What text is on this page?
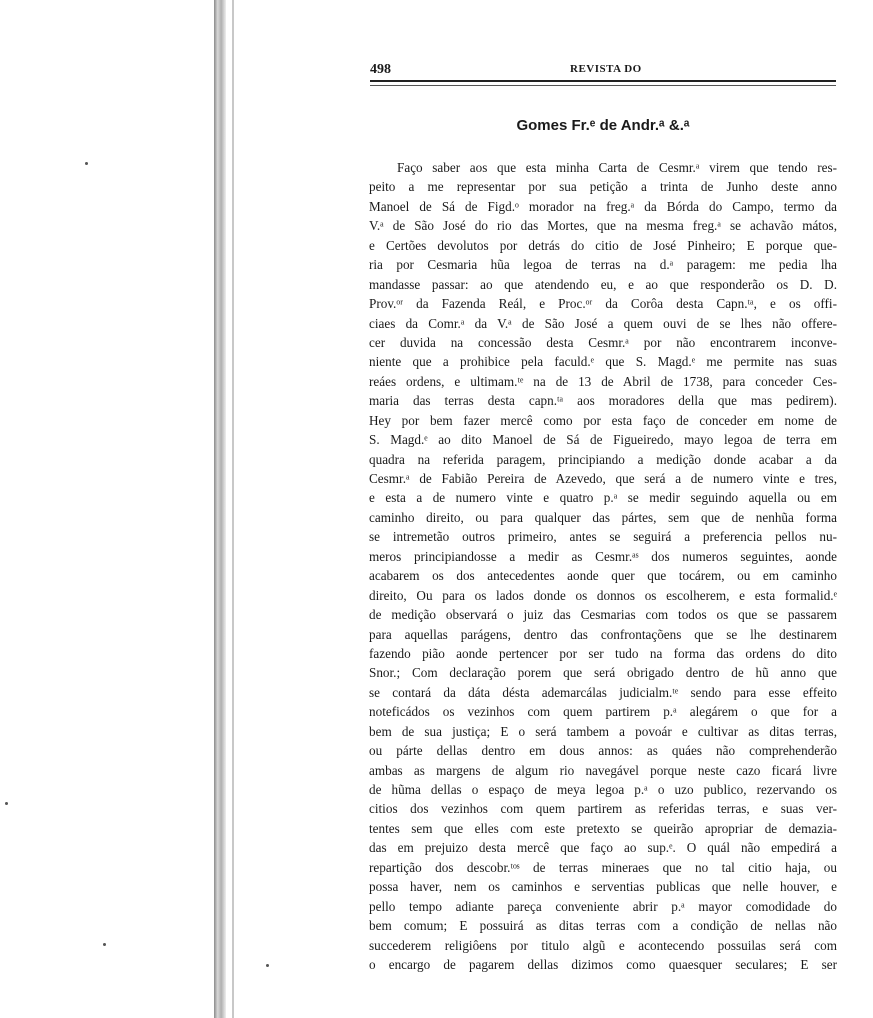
498	REVISTA DO
Gomes Fr.ᵉ de Andr.ᵃ &.ᵃ
Faço saber aos que esta minha Carta de Cesmr.ᵃ virem que tendo res-
peito a me representar por sua petição a trinta de Junho deste anno
Manoel de Sá de Figd.ᵒ morador na freg.ᵃ da Bórda do Campo, termo da
V.ᵃ de São José do rio das Mortes, que na mesma freg.ᵃ se achavão mátos,
e Certões devolutos por detrás do citio de José Pinheiro; E porque que-
ria por Cesmaria hũa legoa de terras na d.ᵃ paragem: me pedia lha
mandasse passar: ao que atendendo eu, e ao que responderão os D. D.
Prov.ᵒʳ da Fazenda Reál, e Proc.ᵒʳ da Corôa desta Capn.ᵗᵃ, e os offi-
ciaes da Comr.ᵃ da V.ᵃ de São José a quem ouvi de se lhes não offere-
cer duvida na concessão desta Cesmr.ᵃ por não encontrarem inconve-
niente que a prohibice pela faculd.ᵉ que S. Magd.ᵉ me permite nas suas
reáes ordens, e ultimam.ᵗᵉ na de 13 de Abril de 1738, para conceder Ces-
maria das terras desta capn.ᵗᵃ aos moradores della que mas pedirem).
Hey por bem fazer mercê como por esta faço de conceder em nome de
S. Magd.ᵉ ao dito Manoel de Sá de Figueiredo, mayo legoa de terra em
quadra na referida paragem, principiando a medição donde acabar a da
Cesmr.ᵃ de Fabião Pereira de Azevedo, que será a de numero vinte e tres,
e esta a de numero vinte e quatro p.ᵃ se medir seguindo aquella ou em
caminho direito, ou para qualquer das pártes, sem que de nenhũa forma
se intremetão outros primeiro, antes se seguirá a preferencia pellos nu-
meros principiandosse a medir as Cesmr.ᵃˢ dos numeros seguintes, aonde
acabarem os dos antecedentes aonde quer que tocárem, ou em caminho
direito, Ou para os lados donde os donnos os escolherem, e esta formalid.ᵉ
de medição observará o juiz das Cesmarias com todos os que se passarem
para aquellas parágens, dentro das confrontaçõens que se lhe destinarem
fazendo pião aonde pertencer por ser tudo na forma das ordens do dito
Snor.; Com declaração porem que será obrigado dentro de hũ anno que
se contará da dáta désta ademarcálas judicialm.ᵗᵉ sendo para esse effeito
noteficádos os vezinhos com quem partirem p.ᵃ alegárem o que for a
bem de sua justiça; E o será tambem a povoár e cultivar as ditas terras,
ou párte dellas dentro em dous annos: as quáes não comprehenderão
ambas as margens de algum rio navegável porque neste cazo ficará livre
de hũma dellas o espaço de meya legoa p.ᵃ o uzo publico, rezervando os
citios dos vezinhos com quem partirem as referidas terras, e suas ver-
tentes sem que elles com este pretexto se queirão apropriar de demazia-
das em prejuizo desta mercê que faço ao sup.ᵉ. O quál não empedirá a
repartição dos descobr.ᵗᵒˢ de terras mineraes que no tal citio haja, ou
possa haver, nem os caminhos e serventias publicas que nelle houver, e
pello tempo adiante pareça conveniente abrir p.ᵃ mayor comodidade do
bem comum; E possuirá as ditas terras com a condição de nellas não
succederem religiôens por titulo algũ e acontecendo possuilas será com
o encargo de pagarem dellas dizimos como quaesquer seculares; E ser
